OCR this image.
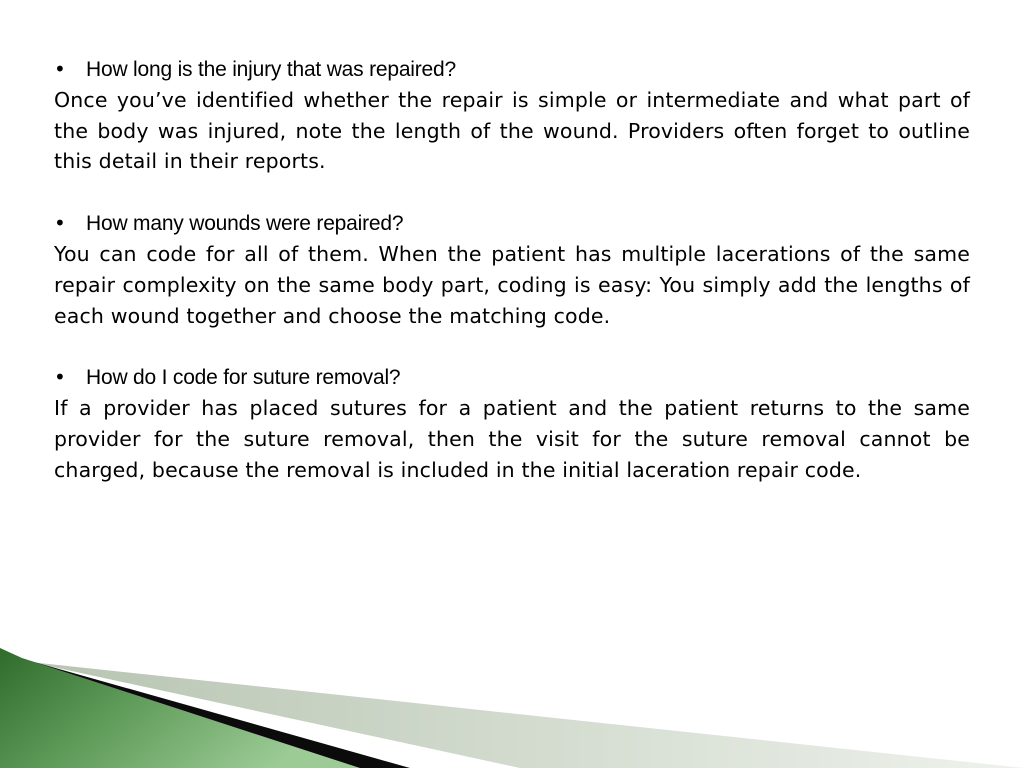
• How long is the injury that was repaired?

Once you’ve identified whether the repair is simple or intermediate and what part of the body was injured, note the length of the wound. Providers often forget to outline this detail in their reports.

• How many wounds were repaired?

You can code for all of them. When the patient has multiple lacerations of the same repair complexity on the same body part, coding is easy: You simply add the lengths of each wound together and choose the matching code.

• How do I code for suture removal?

If a provider has placed sutures for a patient and the patient returns to the same provider for the suture removal, then the visit for the suture removal cannot be charged, because the removal is included in the initial laceration repair code.
